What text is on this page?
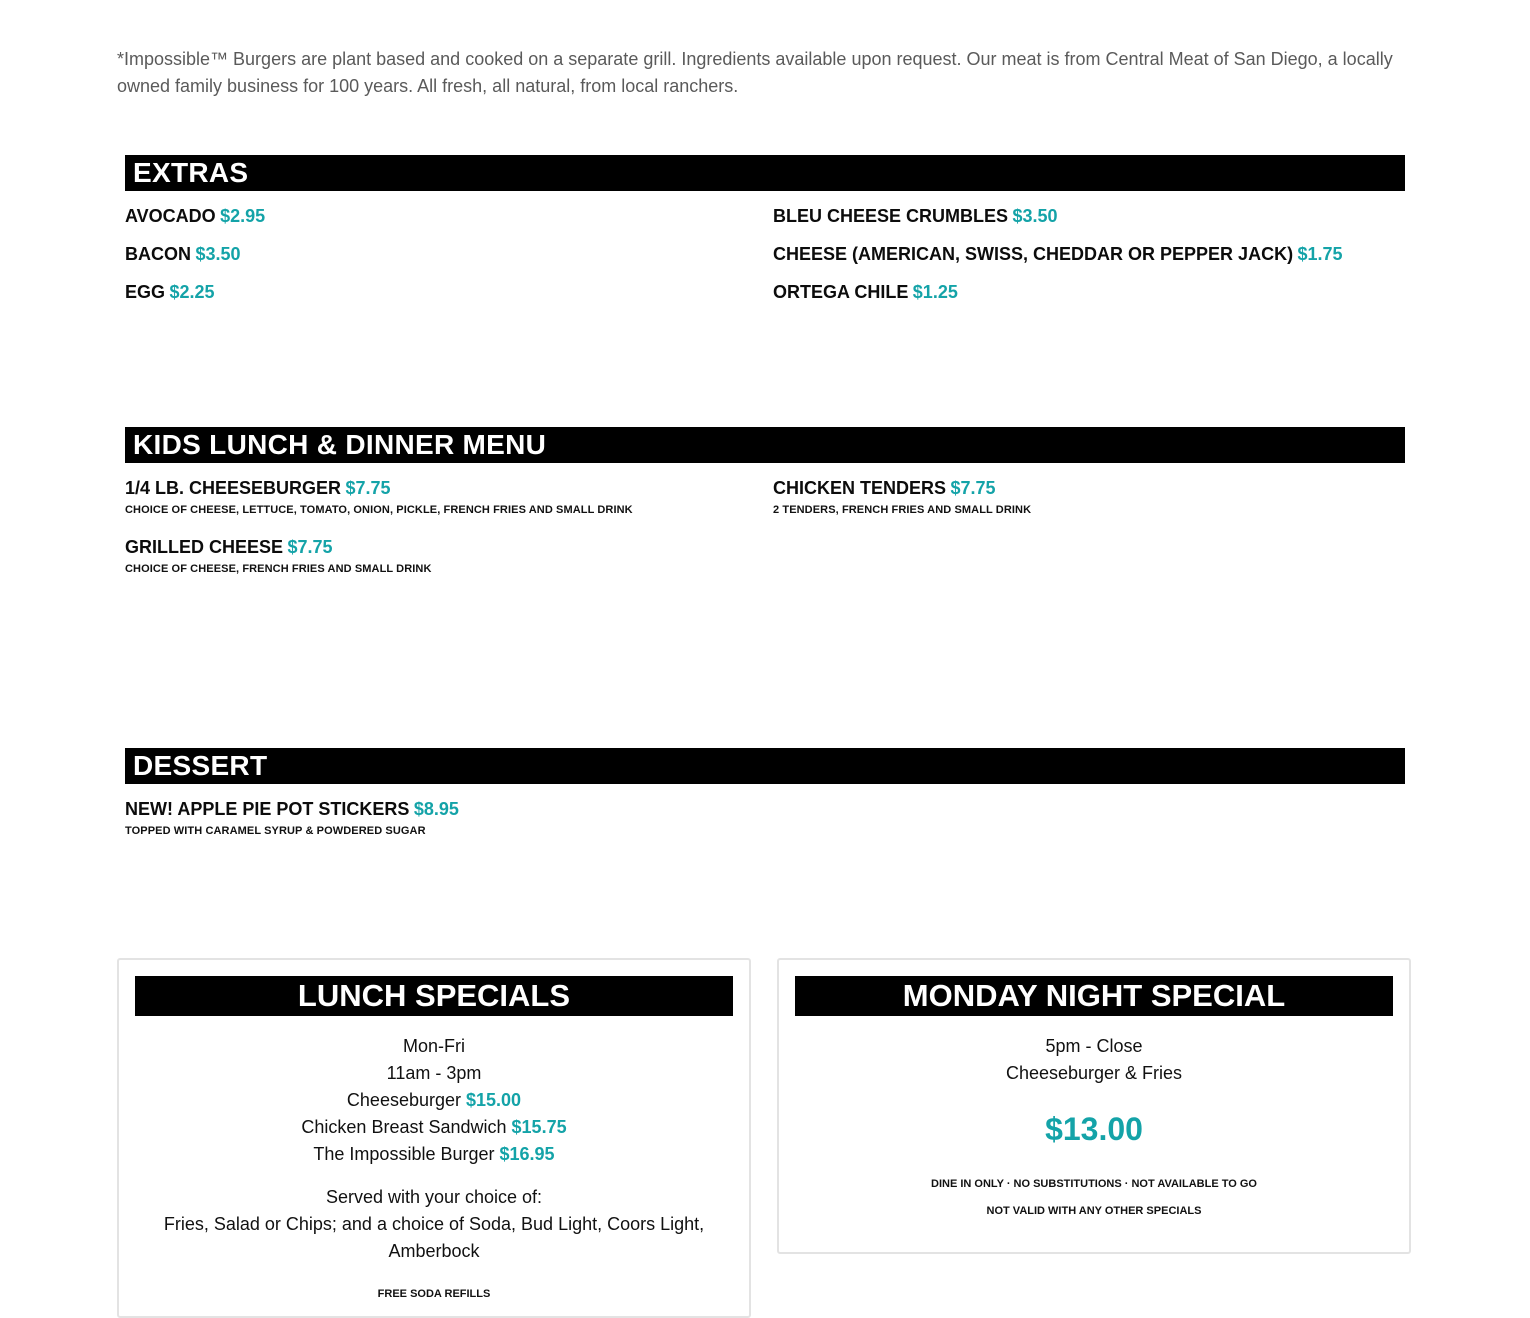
*Impossible™ Burgers are plant based and cooked on a separate grill. Ingredients available upon request. Our meat is from Central Meat of San Diego, a locally owned family business for 100 years. All fresh, all natural, from local ranchers.
EXTRAS
AVOCADO $2.95	BLEU CHEESE CRUMBLES $3.50
BACON $3.50	CHEESE (AMERICAN, SWISS, CHEDDAR OR PEPPER JACK) $1.75
EGG $2.25	ORTEGA CHILE $1.25
KIDS LUNCH & DINNER MENU
1/4 LB. CHEESEBURGER $7.75
CHOICE OF CHEESE, LETTUCE, TOMATO, ONION, PICKLE, FRENCH FRIES AND SMALL DRINK
CHICKEN TENDERS $7.75
2 TENDERS, FRENCH FRIES AND SMALL DRINK
GRILLED CHEESE $7.75
CHOICE OF CHEESE, FRENCH FRIES AND SMALL DRINK
DESSERT
NEW! APPLE PIE POT STICKERS $8.95
TOPPED WITH CARAMEL SYRUP & POWDERED SUGAR
LUNCH SPECIALS
Mon-Fri
11am - 3pm
Cheeseburger $15.00
Chicken Breast Sandwich $15.75
The Impossible Burger $16.95
Served with your choice of:
Fries, Salad or Chips; and a choice of Soda, Bud Light, Coors Light, Amberbock
FREE SODA REFILLS
MONDAY NIGHT SPECIAL
5pm - Close
Cheeseburger & Fries
$13.00
DINE IN ONLY · NO SUBSTITUTIONS · NOT AVAILABLE TO GO
NOT VALID WITH ANY OTHER SPECIALS
